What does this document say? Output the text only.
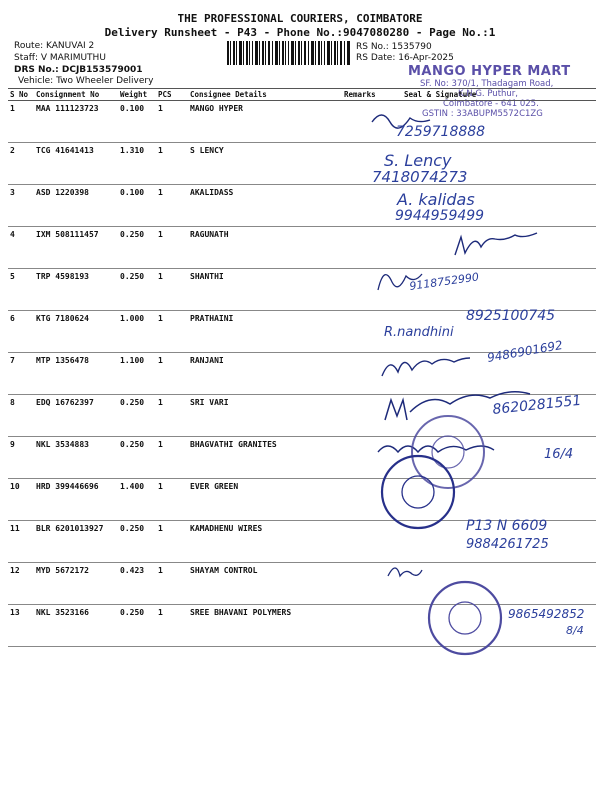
THE PROFESSIONAL COURIERS, COIMBATORE
Delivery Runsheet - P43 - Phone No.:9047080280 - Page No.:1
Route: KANUVAI 2
Staff: V MARIMUTHU
DRS No.: DCJB153579001
Vehicle: Two Wheeler Delivery
RS No.: 1535790
RS Date: 16-Apr-2025
MANGO HYPER MART
SF. No: 370/1, Thadagam Road,
K.N.G. Puthur,
Coimbatore - 641 025.
GSTIN : 33ABUPM5572C1ZG
S No	Consignment No	Weight	PCS	Consignee Details	Remarks	Seal & Signature
1	MAA 111123723	0.100	1	MANGO HYPER		
2	TCG 41641413	1.310	1	S LENCY		
3	ASD 1220398	0.100	1	AKALIDASS		
4	IXM 508111457	0.250	1	RAGUNATH		
5	TRP 4598193	0.250	1	SHANTHI		
6	KTG 7180624	1.000	1	PRATHAINI		
7	MTP 1356478	1.100	1	RANJANI		
8	EDQ 16762397	0.250	1	SRI VARI		
9	NKL 3534883	0.250	1	BHAGVATHI GRANITES		
10	HRD 399446696	1.400	1	EVER GREEN		
11	BLR 6201013927	0.250	1	KAMADHENU WIRES		
12	MYD 5672172	0.423	1	SHAYAM CONTROL		
13	NKL 3523166	0.250	1	SREE BHAVANI POLYMERS		
7259718888
S. Lency
7418074273
A. kalidas
9944959499
9118752990
R.nandhini
8925100745
9486901692
8620281551
16/4
P13 N 6609
9884261725
9865492852
8/4
